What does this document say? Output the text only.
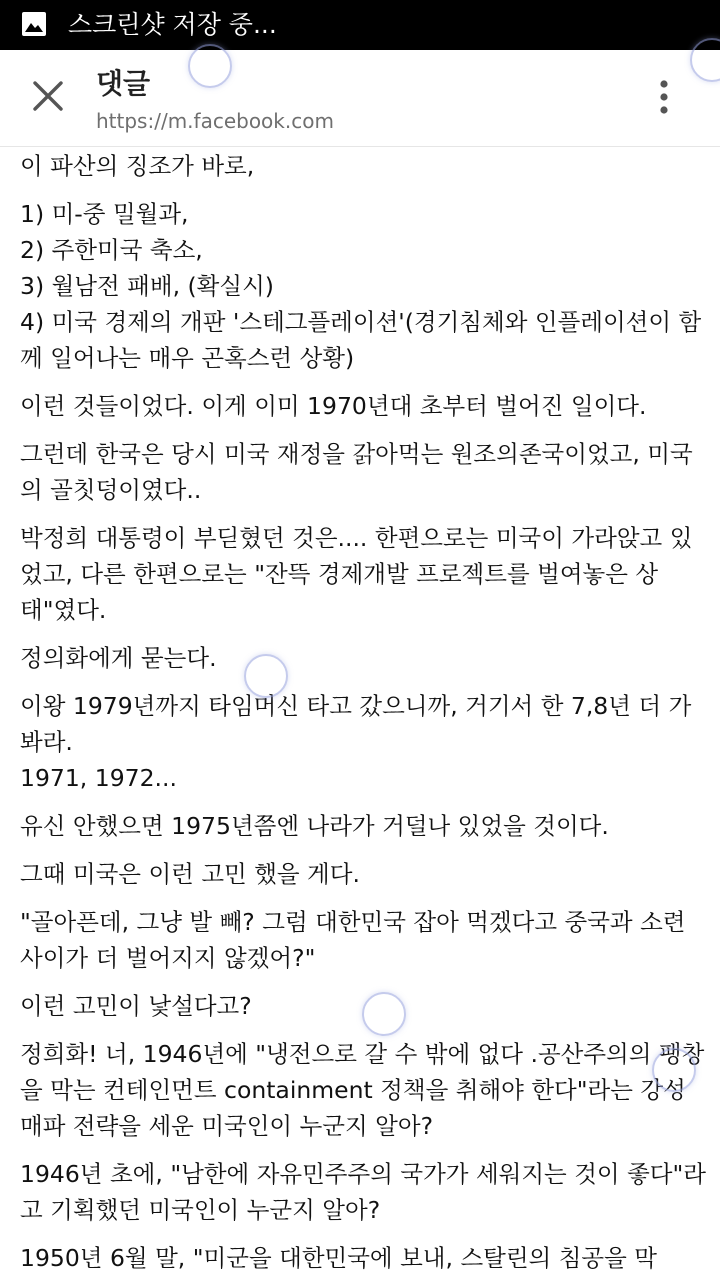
스크린샷 저장 중...
댓글
https://m.facebook.com

이 파산의 징조가 바로,

1) 미-중 밀월과,
2) 주한미국 축소,
3) 월남전 패배, (확실시)
4) 미국 경제의 개판 '스테그플레이션'(경기침체와 인플레이션이 함께 일어나는 매우 곤혹스런 상황)

이런 것들이었다. 이게 이미 1970년대 초부터 벌어진 일이다.

그런데 한국은 당시 미국 재정을 갉아먹는 원조의존국이었고, 미국의 골칫덩이였다..

박정희 대통령이 부딛혔던 것은.... 한편으로는 미국이 가라앉고 있었고, 다른 한편으로는 "잔뜩 경제개발 프로젝트를 벌여놓은 상태"였다.

정의화에게 묻는다.

이왕 1979년까지 타임머신 타고 갔으니까, 거기서 한 7,8년 더 가봐라.
1971, 1972...

유신 안했으면 1975년쯤엔 나라가 거덜나 있었을 것이다.

그때 미국은 이런 고민 했을 게다.

"골아픈데, 그냥 발 빼? 그럼 대한민국 잡아 먹겠다고 중국과 소련 사이가 더 벌어지지 않겠어?"

이런 고민이 낯설다고?

정희화! 너, 1946년에 "냉전으로 갈 수 밖에 없다 .공산주의의 팽창을 막는 컨테인먼트 containment 정책을 취해야 한다"라는 강성 매파 전략을 세운 미국인이 누군지 알아?

1946년 초에, "남한에 자유민주주의 국가가 세워지는 것이 좋다"라고 기획했던 미국인이 누군지 알아?

1950년 6월 말, "미군을 대한민국에 보내, 스탈린의 침공을 막
